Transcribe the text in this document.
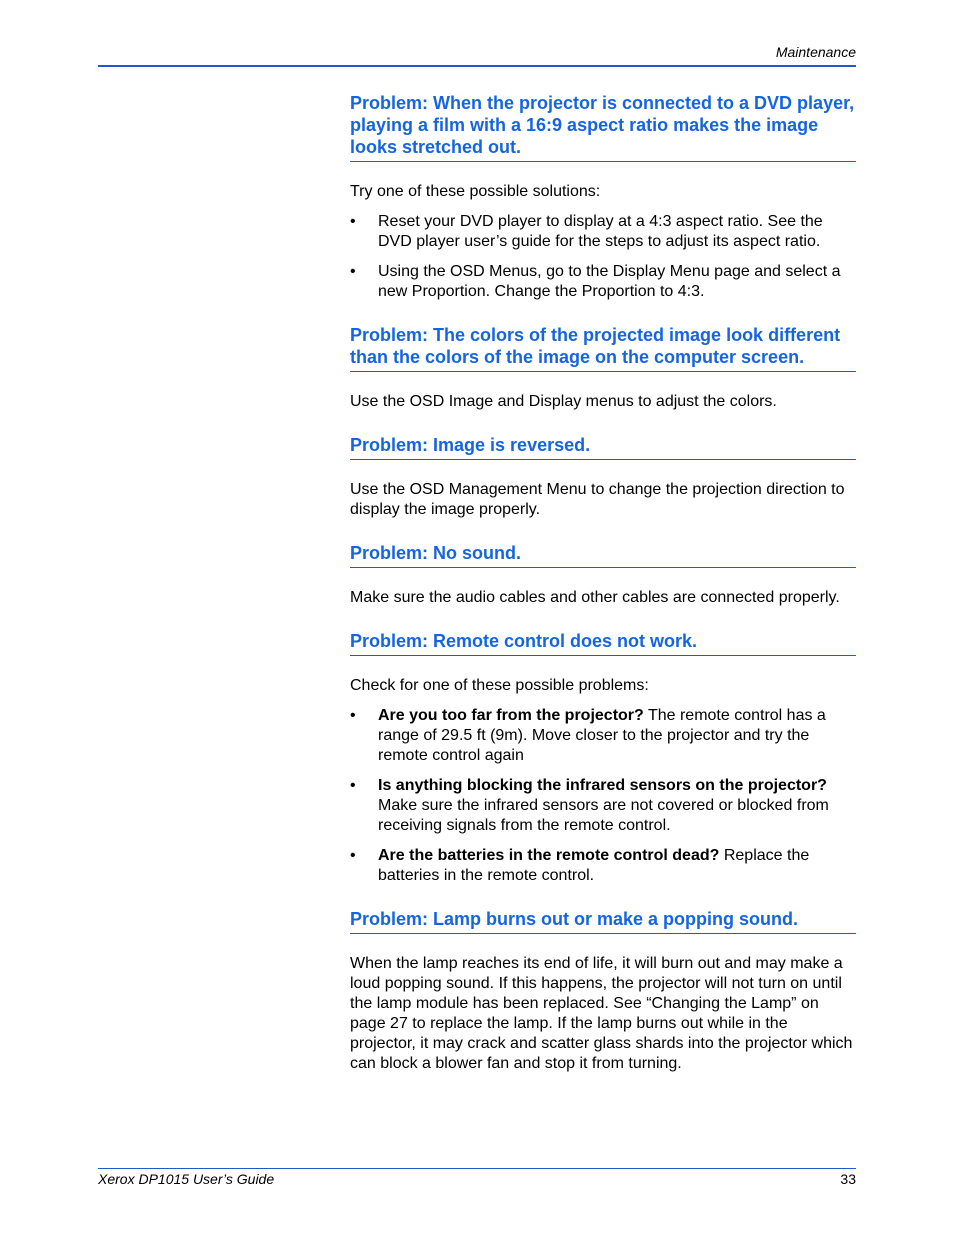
Maintenance
Problem: When the projector is connected to a DVD player, playing a film with a 16:9 aspect ratio makes the image looks stretched out.

Try one of these possible solutions:

• Reset your DVD player to display at a 4:3 aspect ratio. See the DVD player user’s guide for the steps to adjust its aspect ratio.
• Using the OSD Menus, go to the Display Menu page and select a new Proportion. Change the Proportion to 4:3.
Problem: The colors of the projected image look different than the colors of the image on the computer screen.

Use the OSD Image and Display menus to adjust the colors.

Problem: Image is reversed.

Use the OSD Management Menu to change the projection direction to display the image properly.

Problem: No sound.

Make sure the audio cables and other cables are connected properly.

Problem: Remote control does not work.

Check for one of these possible problems:

• Are you too far from the projector? The remote control has a range of 29.5 ft (9m). Move closer to the projector and try the remote control again
• Is anything blocking the infrared sensors on the projector? Make sure the infrared sensors are not covered or blocked from receiving signals from the remote control.
• Are the batteries in the remote control dead? Replace the batteries in the remote control.
Problem: Lamp burns out or make a popping sound.

When the lamp reaches its end of life, it will burn out and may make a loud popping sound. If this happens, the projector will not turn on until the lamp module has been replaced. See “Changing the Lamp” on page 27 to replace the lamp. If the lamp burns out while in the projector, it may crack and scatter glass shards into the projector which can block a blower fan and stop it from turning.

Xerox DP1015 User’s Guide	33
